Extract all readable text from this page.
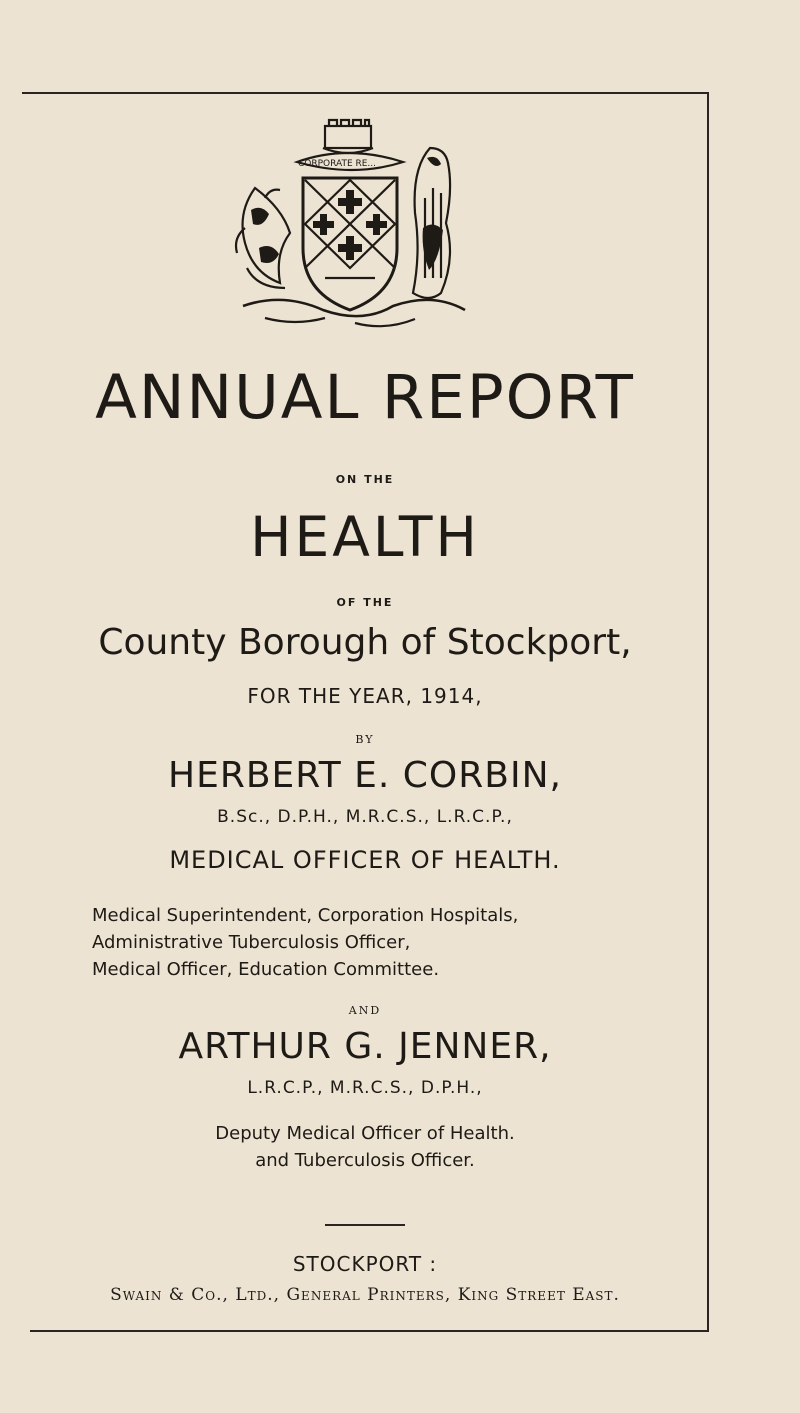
CORPORATE RE...
ANNUAL REPORT
ON THE
HEALTH
OF THE
County Borough of Stockport,
FOR THE YEAR, 1914,
BY
HERBERT E. CORBIN,
B.Sc., D.P.H., M.R.C.S., L.R.C.P.,
MEDICAL OFFICER OF HEALTH.
Medical Superintendent, Corporation Hospitals,
Administrative Tuberculosis Officer,
Medical Officer, Education Committee.
AND
ARTHUR G. JENNER,
L.R.C.P., M.R.C.S., D.P.H.,
Deputy Medical Officer of Health.
and Tuberculosis Officer.
STOCKPORT :
Swain & Co., Ltd., General Printers, King Street East.
